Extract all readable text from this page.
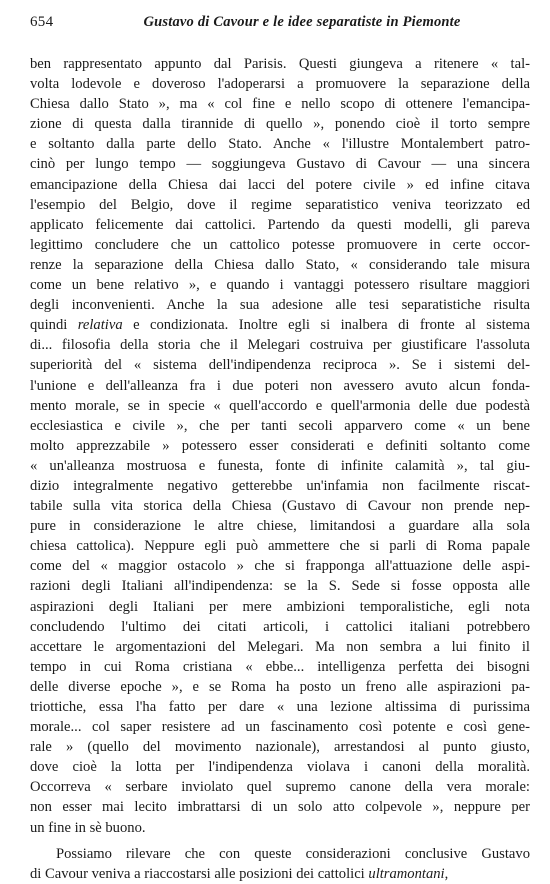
654	Gustavo di Cavour e le idee separatiste in Piemonte
ben rappresentato appunto dal Parisis. Questi giungeva a ritenere « tal-
volta lodevole e doveroso l'adoperarsi a promuovere la separazione della
Chiesa dallo Stato », ma « col fine e nello scopo di ottenere l'emancipa-
zione di questa dalla tirannide di quello », ponendo cioè il torto sempre
e soltanto dalla parte dello Stato. Anche « l'illustre Montalembert patro-
cinò per lungo tempo — soggiungeva Gustavo di Cavour — una sincera
emancipazione della Chiesa dai lacci del potere civile » ed infine citava
l'esempio del Belgio, dove il regime separatistico veniva teorizzato ed
applicato felicemente dai cattolici. Partendo da questi modelli, gli pareva
legittimo concludere che un cattolico potesse promuovere in certe occor-
renze la separazione della Chiesa dallo Stato, « considerando tale misura
come un bene relativo », e quando i vantaggi potessero risultare maggiori
degli inconvenienti. Anche la sua adesione alle tesi separatistiche risulta
quindi relativa e condizionata. Inoltre egli si inalbera di fronte al sistema
di... filosofia della storia che il Melegari costruiva per giustificare l'assoluta
superiorità del « sistema dell'indipendenza reciproca ». Se i sistemi del-
l'unione e dell'alleanza fra i due poteri non avessero avuto alcun fonda-
mento morale, se in specie « quell'accordo e quell'armonia delle due podestà
ecclesiastica e civile », che per tanti secoli apparvero come « un bene
molto apprezzabile » potessero esser considerati e definiti soltanto come
« un'alleanza mostruosa e funesta, fonte di infinite calamità », tal giu-
dizio integralmente negativo getterebbe un'infamia non facilmente riscat-
tabile sulla vita storica della Chiesa (Gustavo di Cavour non prende nep-
pure in considerazione le altre chiese, limitandosi a guardare alla sola
chiesa cattolica). Neppure egli può ammettere che si parli di Roma papale
come del « maggior ostacolo » che si frapponga all'attuazione delle aspi-
razioni degli Italiani all'indipendenza: se la S. Sede si fosse opposta alle
aspirazioni degli Italiani per mere ambizioni temporalistiche, egli nota
concludendo l'ultimo dei citati articoli, i cattolici italiani potrebbero
accettare le argomentazioni del Melegari. Ma non sembra a lui finito il
tempo in cui Roma cristiana « ebbe... intelligenza perfetta dei bisogni
delle diverse epoche », e se Roma ha posto un freno alle aspirazioni pa-
triottiche, essa l'ha fatto per dare « una lezione altissima di purissima
morale... col saper resistere ad un fascinamento così potente e così gene-
rale » (quello del movimento nazionale), arrestandosi al punto giusto,
dove cioè la lotta per l'indipendenza violava i canoni della moralità.
Occorreva « serbare inviolato quel supremo canone della vera morale:
non esser mai lecito imbrattarsi di un solo atto colpevole », neppure per
un fine in sè buono.
Possiamo rilevare che con queste considerazioni conclusive Gustavo
di Cavour veniva a riaccostarsi alle posizioni dei cattolici ultramontani,
